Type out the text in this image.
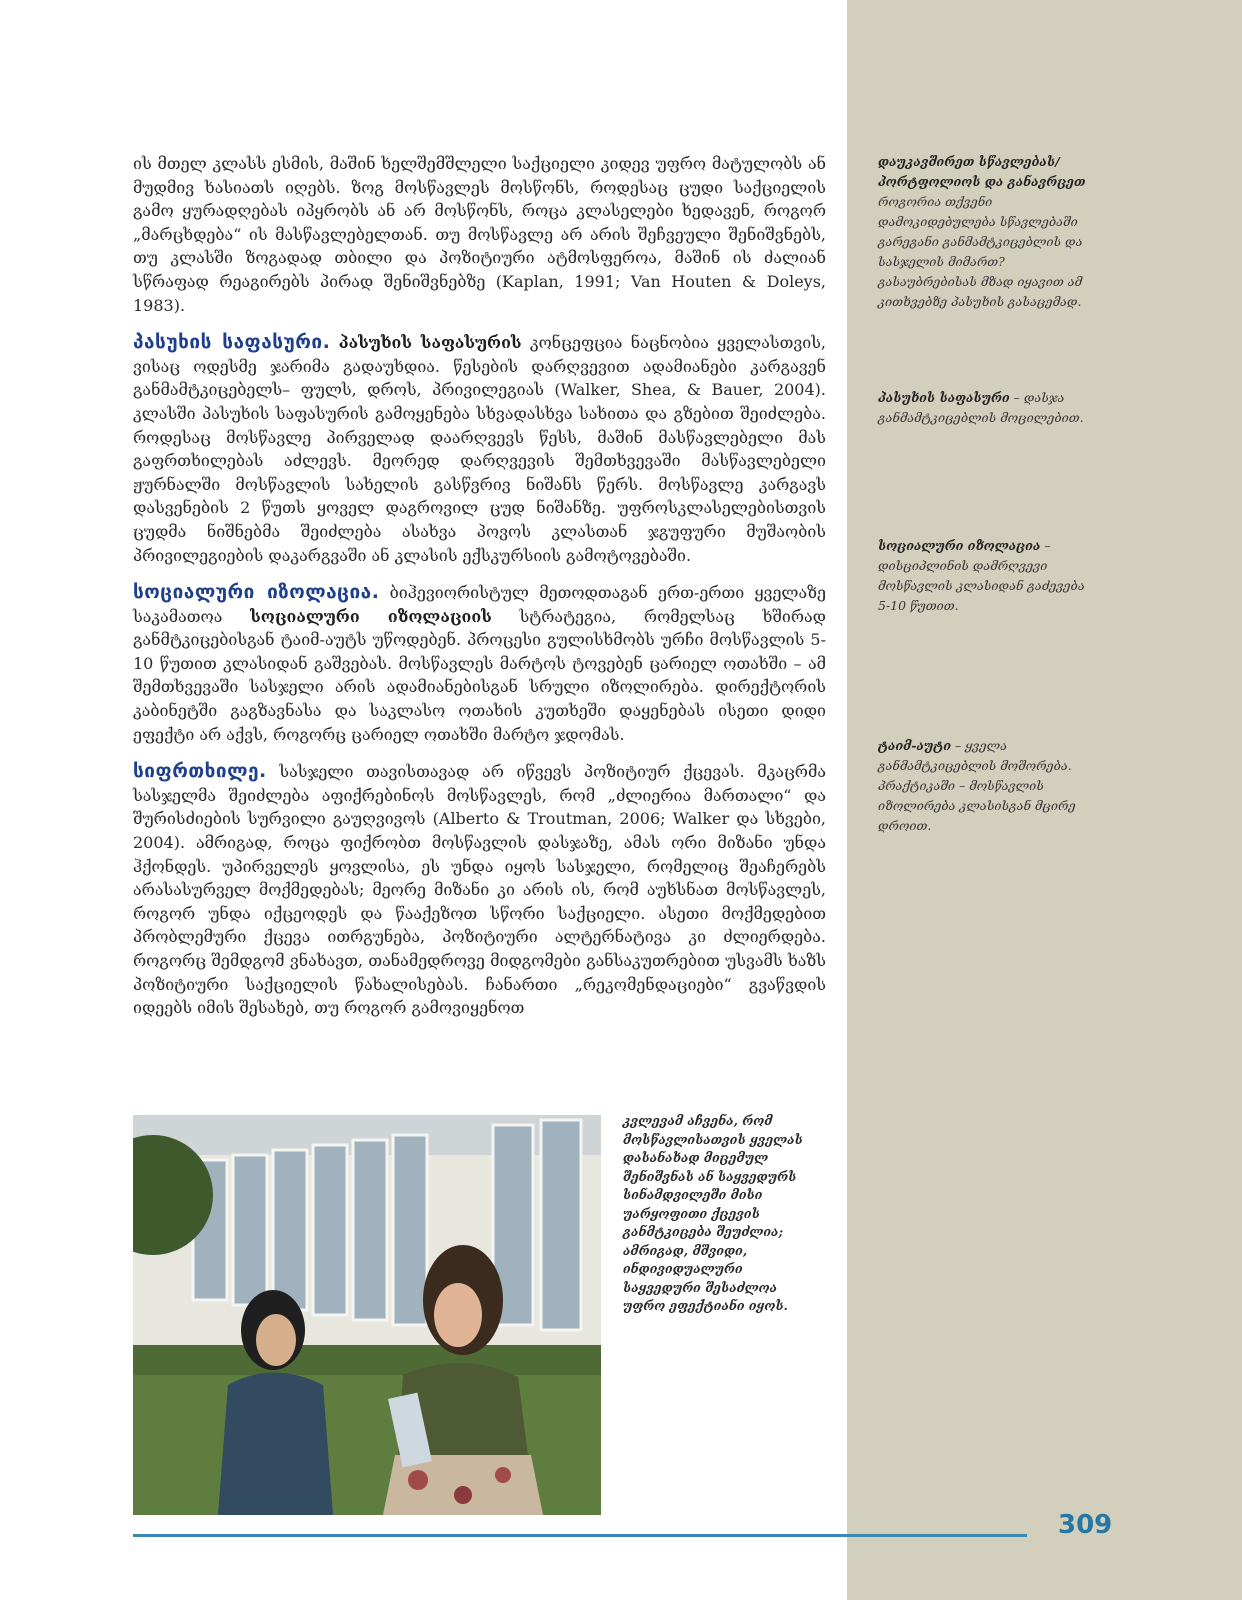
ის მთელ კლასს ესმის, მაშინ ხელშემშლელი საქციელი კიდევ უფრო მატულობს ან მუდმივ ხასიათს იღებს. ზოგ მოსწავლეს მოსწონს, როდესაც ცუდი საქციელის გამო ყურადღებას იპყრობს ან არ მოსწონს, როცა კლასელები ხედავენ, როგორ „მარცხდება“ ის მასწავლებელთან. თუ მოსწავლე არ არის შეჩვეული შენიშვნებს, თუ კლასში ზოგადად თბილი და პოზიტიური ატმოსფეროა, მაშინ ის ძალიან სწრაფად რეაგირებს პირად შენიშვნებზე (Kaplan, 1991; Van Houten & Doleys, 1983).

პასუხის საფასური. პასუხის საფასურის კონცეფცია ნაცნობია ყველასთვის, ვისაც ოდესმე ჯარიმა გადაუხდია. წესების დარღვევით ადამიანები კარგავენ განმამტკიცებელს– ფულს, დროს, პრივილეგიას (Walker, Shea, & Bauer, 2004). კლასში პასუხის საფასურის გამოყენება სხვადასხვა სახითა და გზებით შეიძლება. როდესაც მოსწავლე პირველად დაარღვევს წესს, მაშინ მასწავლებელი მას გაფრთხილებას აძლევს. მეორედ დარღვევის შემთხვევაში მასწავლებელი ჟურნალში მოსწავლის სახელის გასწვრივ ნიშანს წერს. მოსწავლე კარგავს დასვენების 2 წუთს ყოველ დაგროვილ ცუდ ნიშანზე. უფროსკლასელებისთვის ცუდმა ნიშნებმა შეიძლება ასახვა პოვოს კლასთან ჯგუფური მუშაობის პრივილეგიების დაკარგვაში ან კლასის ექსკურსიის გამოტოვებაში.

სოციალური იზოლაცია. ბიჰევიორისტულ მეთოდთაგან ერთ-ერთი ყველაზე საკამათოა სოციალური იზოლაციის სტრატეგია, რომელსაც ხშირად განმტკიცებისგან ტაიმ-აუტს უწოდებენ. პროცესი გულისხმობს ურჩი მოსწავლის 5-10 წუთით კლასიდან გაშვებას. მოსწავლეს მარტოს ტოვებენ ცარიელ ოთახში – ამ შემთხვევაში სასჯელი არის ადამიანებისგან სრული იზოლირება. დირექტორის კაბინეტში გაგზავნასა და საკლასო ოთახის კუთხეში დაყენებას ისეთი დიდი ეფექტი არ აქვს, როგორც ცარიელ ოთახში მარტო ჯდომას.

სიფრთხილე. სასჯელი თავისთავად არ იწვევს პოზიტიურ ქცევას. მკაცრმა სასჯელმა შეიძლება აფიქრებინოს მოსწავლეს, რომ „ძლიერია მართალი“ და შურისძიების სურვილი გაუღვივოს (Alberto & Troutman, 2006; Walker და სხვები, 2004). ამრიგად, როცა ფიქრობთ მოსწავლის დასჯაზე, ამას ორი მიზანი უნდა ჰქონდეს. უპირველეს ყოვლისა, ეს უნდა იყოს სასჯელი, რომელიც შეაჩერებს არასასურველ მოქმედებას; მეორე მიზანი კი არის ის, რომ აუხსნათ მოსწავლეს, როგორ უნდა იქცეოდეს და წააქეზოთ სწორი საქციელი. ასეთი მოქმედებით პრობლემური ქცევა ითრგუნება, პოზიტიური ალტერნატივა კი ძლიერდება. როგორც შემდგომ ვნახავთ, თანამედროვე მიდგომები განსაკუთრებით უსვამს ხაზს პოზიტიური საქციელის წახალისებას. ჩანართი „რეკომენდაციები“ გვაწვდის იდეებს იმის შესახებ, თუ როგორ გამოვიყენოთ

დაუკავშირეთ სწავლებას/პორტფოლიოს და განავრცეთ
როგორია თქვენი დამოკიდებულება სწავლებაში გარეგანი განმამტკიცებლის და სასჯელის მიმართ? გასაუბრებისას მზად იყავით ამ კითხვებზე პასუხის გასაცემად.
პასუხის საფასური – დასჯა განმამტკიცებლის მოცილებით.
სოციალური იზოლაცია – დისციპლინის დამრღვევი მოსწავლის კლასიდან გაძევება 5-10 წუთით.
ტაიმ-აუტი – ყველა განმამტკიცებლის მოშორება. პრაქტიკაში – მოსწავლის იზოლირება კლასისგან მცირე დროით.
კვლევამ აჩვენა, რომ მოსწავლისათვის ყველას დასანახად მიცემულ შენიშვნას ან საყვედურს სინამდვილეში მისი უარყოფითი ქცევის განმტკიცება შეუძლია; ამრიგად, მშვიდი, ინდივიდუალური საყვედური შესაძლოა უფრო ეფექტიანი იყოს.
309
